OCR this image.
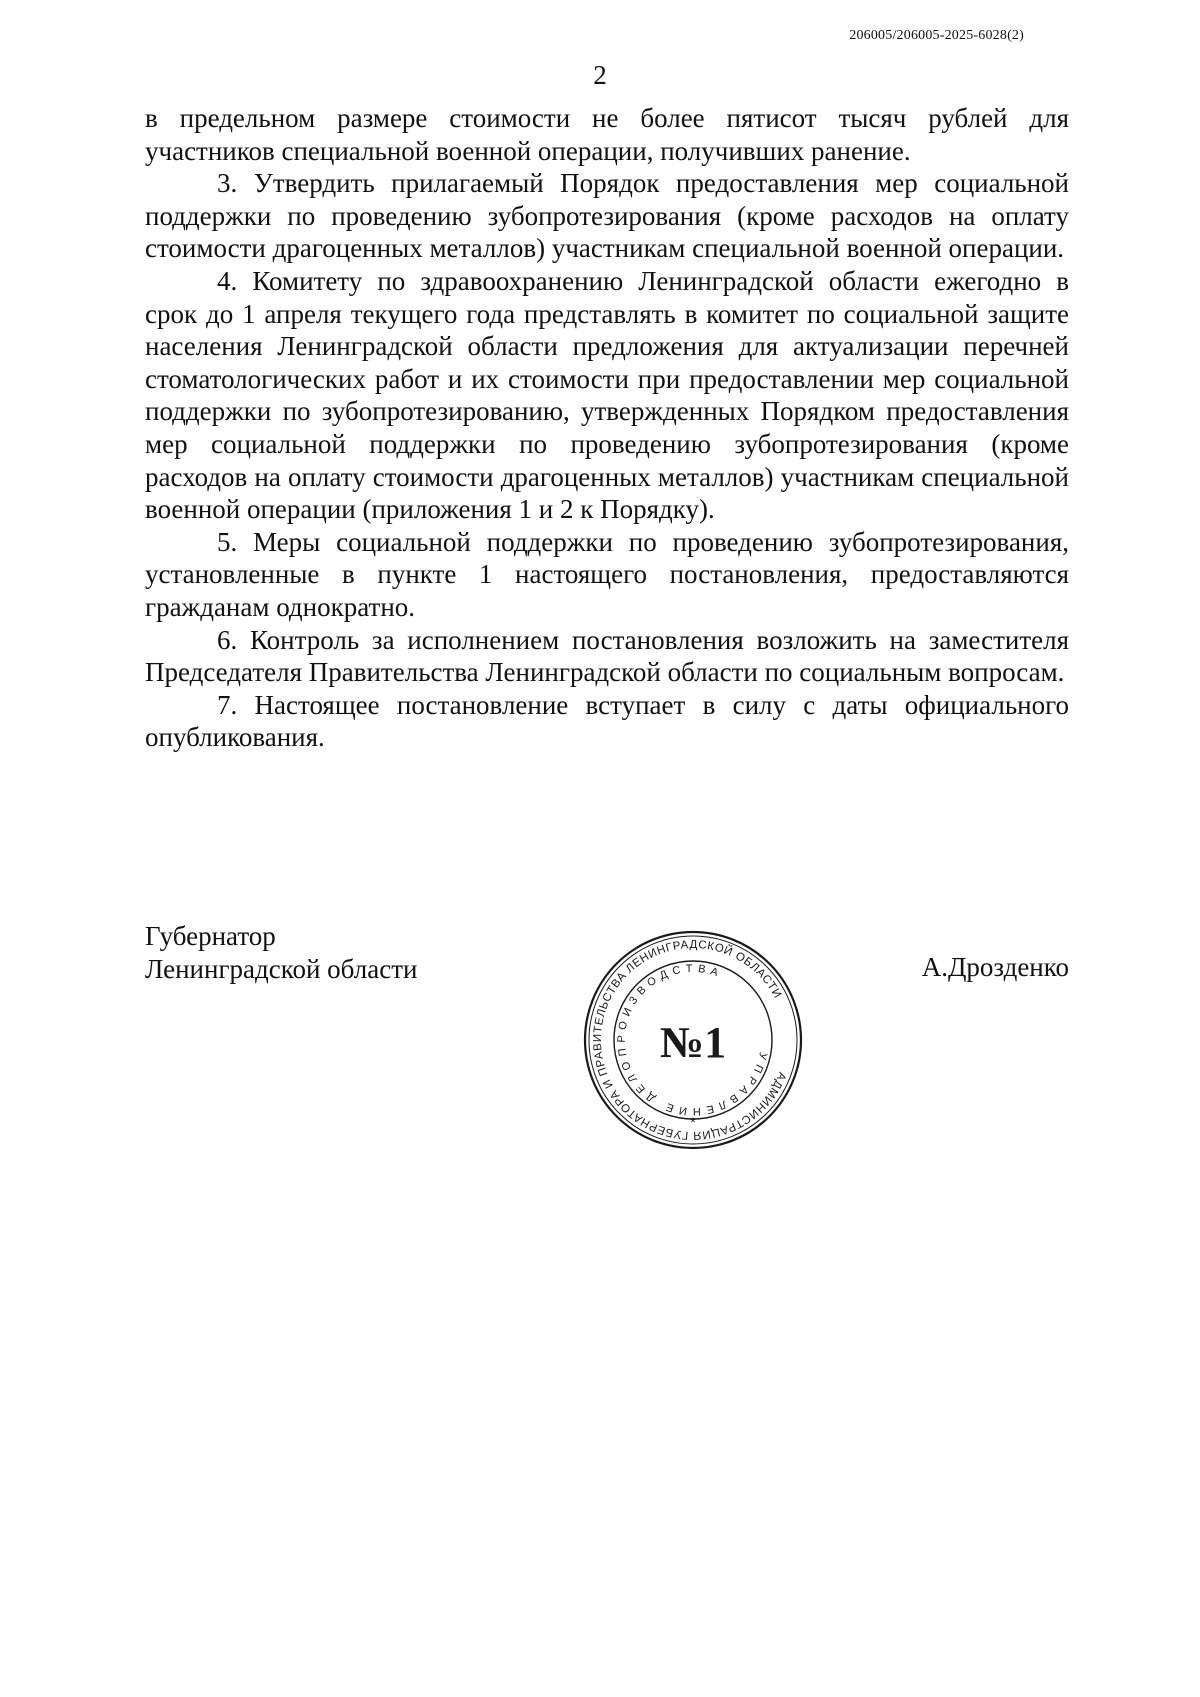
206005/206005-2025-6028(2)
2

в предельном размере стоимости не более пятисот тысяч рублей для участников специальной военной операции, получивших ранение.

3. Утвердить прилагаемый Порядок предоставления мер социальной поддержки по проведению зубопротезирования (кроме расходов на оплату стоимости драгоценных металлов) участникам специальной военной операции.

4. Комитету по здравоохранению Ленинградской области ежегодно в срок до 1 апреля текущего года представлять в комитет по социальной защите населения Ленинградской области предложения для актуализации перечней стоматологических работ и их стоимости при предоставлении мер социальной поддержки по зубопротезированию, утвержденных Порядком предоставления мер социальной поддержки по проведению зубопротезирования (кроме расходов на оплату стоимости драгоценных металлов) участникам специальной военной операции (приложения 1 и 2 к Порядку).

5. Меры социальной поддержки по проведению зубопротезирования, установленные в пункте 1 настоящего постановления, предоставляются гражданам однократно.

6. Контроль за исполнением постановления возложить на заместителя Председателя Правительства Ленинградской области по социальным вопросам.

7. Настоящее постановление вступает в силу с даты официального опубликования.

Губернатор
Ленинградской области	А.Дрозденко
АДМИНИСТРАЦИЯ ГУБЕРНАТОРА И ПРАВИТЕЛЬСТВА ЛЕНИНГРАДСКОЙ ОБЛАСТИ
УПРАВЛЕНИЕ ДЕЛОПРОИЗВОДСТВА
№1
*
